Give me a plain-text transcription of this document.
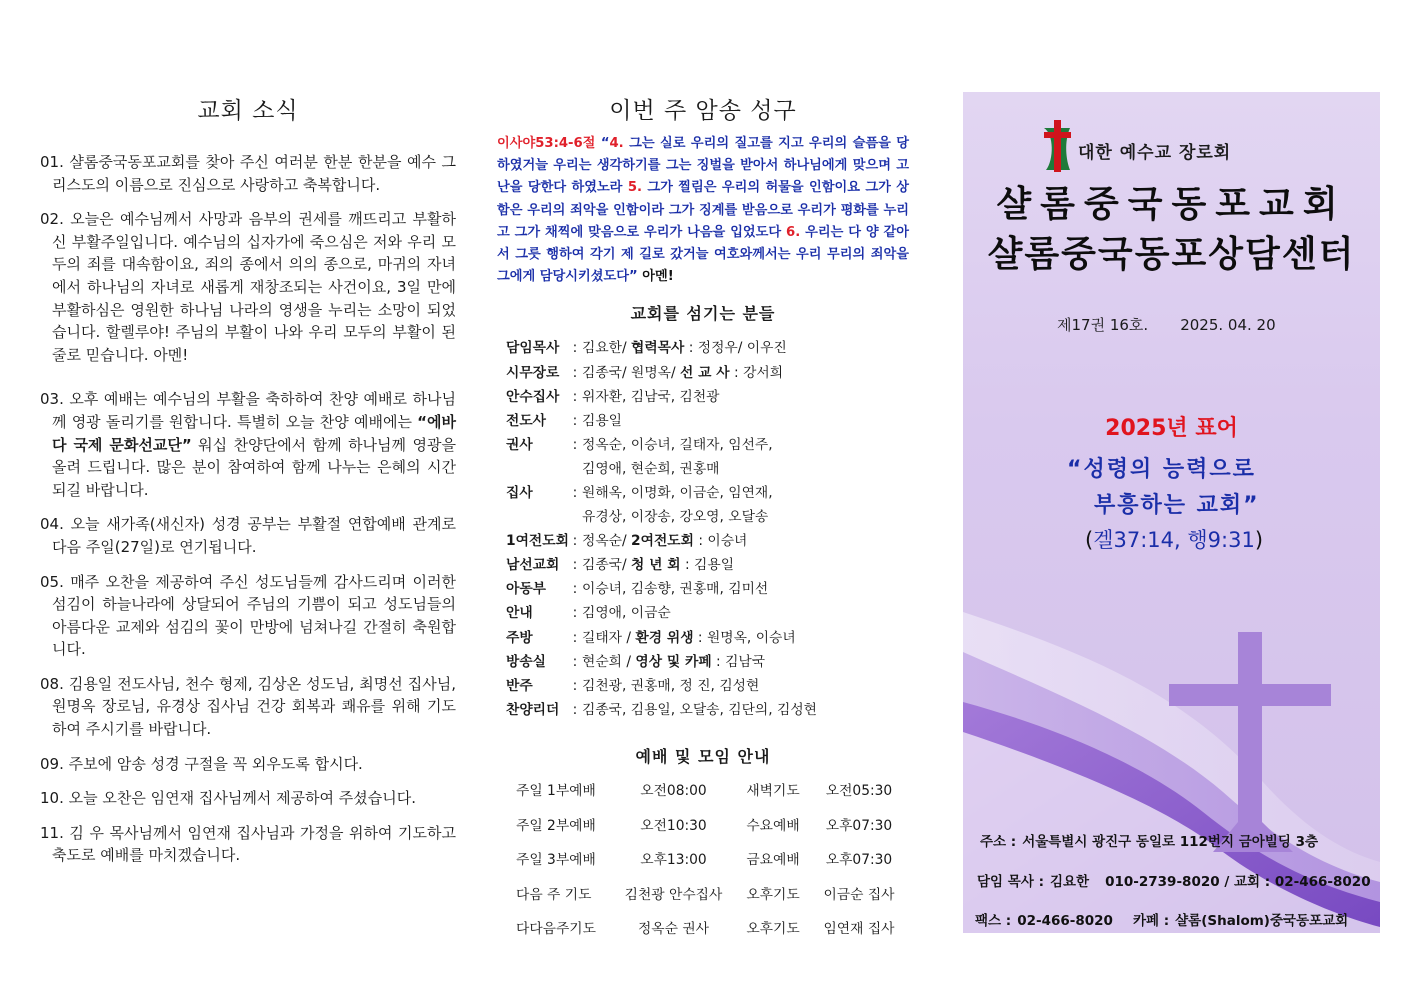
교회 소식

01. 샬롬중국동포교회를 찾아 주신 여러분 한분 한분을 예수 그리스도의 이름으로 진심으로 사랑하고 축복합니다.

02. 오늘은 예수님께서 사망과 음부의 권세를 깨뜨리고 부활하신 부활주일입니다. 예수님의 십자가에 죽으심은 저와 우리 모두의 죄를 대속함이요, 죄의 종에서 의의 종으로, 마귀의 자녀에서 하나님의 자녀로 새롭게 재창조되는 사건이요, 3일 만에 부활하심은 영원한 하나님 나라의 영생을 누리는 소망이 되었습니다. 할렐루야! 주님의 부활이 나와 우리 모두의 부활이 된 줄로 믿습니다. 아멘!

03. 오후 예배는 예수님의 부활을 축하하여 찬양 예배로 하나님께 영광 돌리기를 원합니다. 특별히 오늘 찬양 예배에는 “에바다 국제 문화선교단” 워십 찬양단에서 함께 하나님께 영광을 올려 드립니다. 많은 분이 참여하여 함께 나누는 은혜의 시간 되길 바랍니다.

04. 오늘 새가족(새신자) 성경 공부는 부활절 연합예배 관계로 다음 주일(27일)로 연기됩니다.

05. 매주 오찬을 제공하여 주신 성도님들께 감사드리며 이러한 섬김이 하늘나라에 상달되어 주님의 기쁨이 되고 성도님들의 아름다운 교제와 섬김의 꽃이 만방에 넘쳐나길 간절히 축원합니다.

08. 김용일 전도사님, 천수 형제, 김상온 성도님, 최명선 집사님, 원명옥 장로님, 유경상 집사님 건강 회복과 쾌유를 위해 기도하여 주시기를 바랍니다.

09. 주보에 암송 성경 구절을 꼭 외우도록 합시다.

10. 오늘 오찬은 임연재 집사님께서 제공하여 주셨습니다.

11. 김 우 목사님께서 임연재 집사님과 가정을 위하여 기도하고 축도로 예배를 마치겠습니다.

이번 주 암송 성구

이사야53:4-6절 “4. 그는 실로 우리의 질고를 지고 우리의 슬픔을 당하였거늘 우리는 생각하기를 그는 징벌을 받아서 하나님에게 맞으며 고난을 당한다 하였노라 5. 그가 찔림은 우리의 허물을 인함이요 그가 상함은 우리의 죄악을 인함이라 그가 징계를 받음으로 우리가 평화를 누리고 그가 채찍에 맞음으로 우리가 나음을 입었도다 6. 우리는 다 양 같아서 그릇 행하여 각기 제 길로 갔거늘 여호와께서는 우리 무리의 죄악을 그에게 담당시키셨도다” 아멘!

교회를 섬기는 분들
담임목사 : 김요한/ 협력목사 : 정정우/ 이우진
시무장로 : 김종국/ 원명옥/ 선 교 사 : 강서희
안수집사 : 위자환, 김남국, 김천광
전도사	: 김용일
권사	: 정옥순, 이승녀, 길태자, 임선주,
김영애, 현순희, 권홍매
집사	: 원해옥, 이명화, 이금순, 임연재,
유경상, 이장송, 강오영, 오달송
1여전도회 : 정옥순/ 2여전도회 : 이승녀
남선교회 : 김종국/ 청 년 회 : 김용일
아동부	: 이승녀, 김송향, 권홍매, 김미선
안내	: 김영애, 이금순
주방	: 길태자 / 환경 위생 : 원명옥, 이승녀
방송실	: 현순희 / 영상 및 카페 : 김남국
반주	: 김천광, 권홍매, 정 진, 김성현
찬양리더 : 김종국, 김용일, 오달송, 김단의, 김성현
예배 및 모임 안내
주일 1부예배	오전08:00	새벽기도	오전05:30
주일 2부예배	오전10:30	수요예배	오후07:30
주일 3부예배	오후13:00	금요예배	오후07:30
다음 주 기도	김천광 안수집사	오후기도	이금순 집사
다다음주기도	정옥순 권사	오후기도	임연재 집사
대한 예수교 장로회
샬롬중국동포교회
샬롬중국동포상담센터
제17권 16호. 2025. 04. 20
2025년 표어
“성령의 능력으로
부흥하는 교회”
(겔37:14, 행9:31)
주소 : 서울특별시 광진구 동일로 112번지 금아빌딩 3층
담임 목사 : 김요한 010-2739-8020 / 교회 : 02-466-8020
팩스 : 02-466-8020 카페 : 샬롬(Shalom)중국동포교회
